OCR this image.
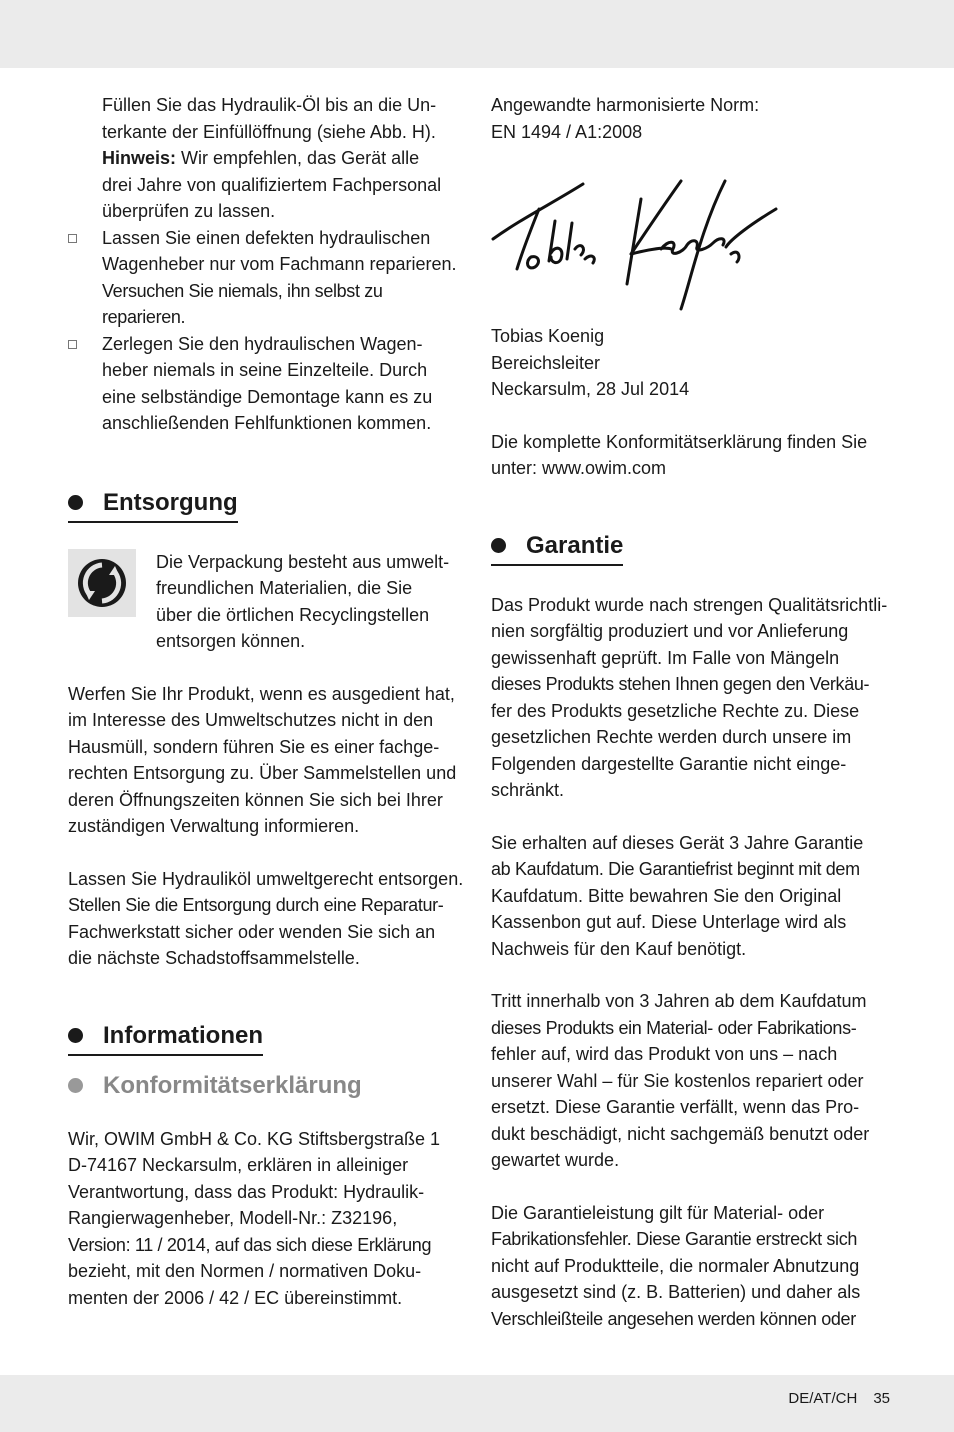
Füllen Sie das Hydraulik-Öl bis an die Un-

terkante der Einfüllöffnung (siehe Abb. H).

Hinweis: Wir empfehlen, das Gerät alle

drei Jahre von qualifiziertem Fachpersonal

überprüfen zu lassen.

Lassen Sie einen defekten hydraulischen
Wagenheber nur vom Fachmann reparieren.
Versuchen Sie niemals, ihn selbst zu reparieren.
Zerlegen Sie den hydraulischen Wagen-
heber niemals in seine Einzelteile. Durch
eine selbständige Demontage kann es zu
anschließenden Fehlfunktionen kommen.
Entsorgung

Die Verpackung besteht aus umwelt-

freundlichen Materialien, die Sie

über die örtlichen Recyclingstellen

entsorgen können.

Werfen Sie Ihr Produkt, wenn es ausgedient hat,

im Interesse des Umweltschutzes nicht in den

Hausmüll, sondern führen Sie es einer fachge-

rechten Entsorgung zu. Über Sammelstellen und

deren Öffnungszeiten können Sie sich bei Ihrer

zuständigen Verwaltung informieren.

Lassen Sie Hydrauliköl umweltgerecht entsorgen.

Stellen Sie die Entsorgung durch eine Reparatur-

Fachwerkstatt sicher oder wenden Sie sich an

die nächste Schadstoffsammelstelle.

Informationen
Konformitätserklärung

Wir, OWIM GmbH & Co. KG Stiftsbergstraße 1

D-74167 Neckarsulm, erklären in alleiniger

Verantwortung, dass das Produkt: Hydraulik-

Rangierwagenheber, Modell-Nr.: Z32196,

Version: 11 / 2014, auf das sich diese Erklärung

bezieht, mit den Normen / normativen Doku-

menten der 2006 / 42 / EC übereinstimmt.

Angewandte harmonisierte Norm:

EN 1494 / A1:2008

Tobias Koenig

Bereichsleiter

Neckarsulm, 28 Jul 2014

Die komplette Konformitätserklärung finden Sie

unter: www.owim.com

Garantie

Das Produkt wurde nach strengen Qualitätsrichtli-

nien sorgfältig produziert und vor Anlieferung

gewissenhaft geprüft. Im Falle von Mängeln

dieses Produkts stehen Ihnen gegen den Verkäu-

fer des Produkts gesetzliche Rechte zu. Diese

gesetzlichen Rechte werden durch unsere im

Folgenden dargestellte Garantie nicht einge-

schränkt.

Sie erhalten auf dieses Gerät 3 Jahre Garantie

ab Kaufdatum. Die Garantiefrist beginnt mit dem

Kaufdatum. Bitte bewahren Sie den Original

Kassenbon gut auf. Diese Unterlage wird als

Nachweis für den Kauf benötigt.

Tritt innerhalb von 3 Jahren ab dem Kaufdatum

dieses Produkts ein Material- oder Fabrikations-

fehler auf, wird das Produkt von uns – nach

unserer Wahl – für Sie kostenlos repariert oder

ersetzt. Diese Garantie verfällt, wenn das Pro-

dukt beschädigt, nicht sachgemäß benutzt oder

gewartet wurde.

Die Garantieleistung gilt für Material- oder

Fabrikationsfehler. Diese Garantie erstreckt sich

nicht auf Produktteile, die normaler Abnutzung

ausgesetzt sind (z. B. Batterien) und daher als

Verschleißteile angesehen werden können oder

DE/AT/CH 35
